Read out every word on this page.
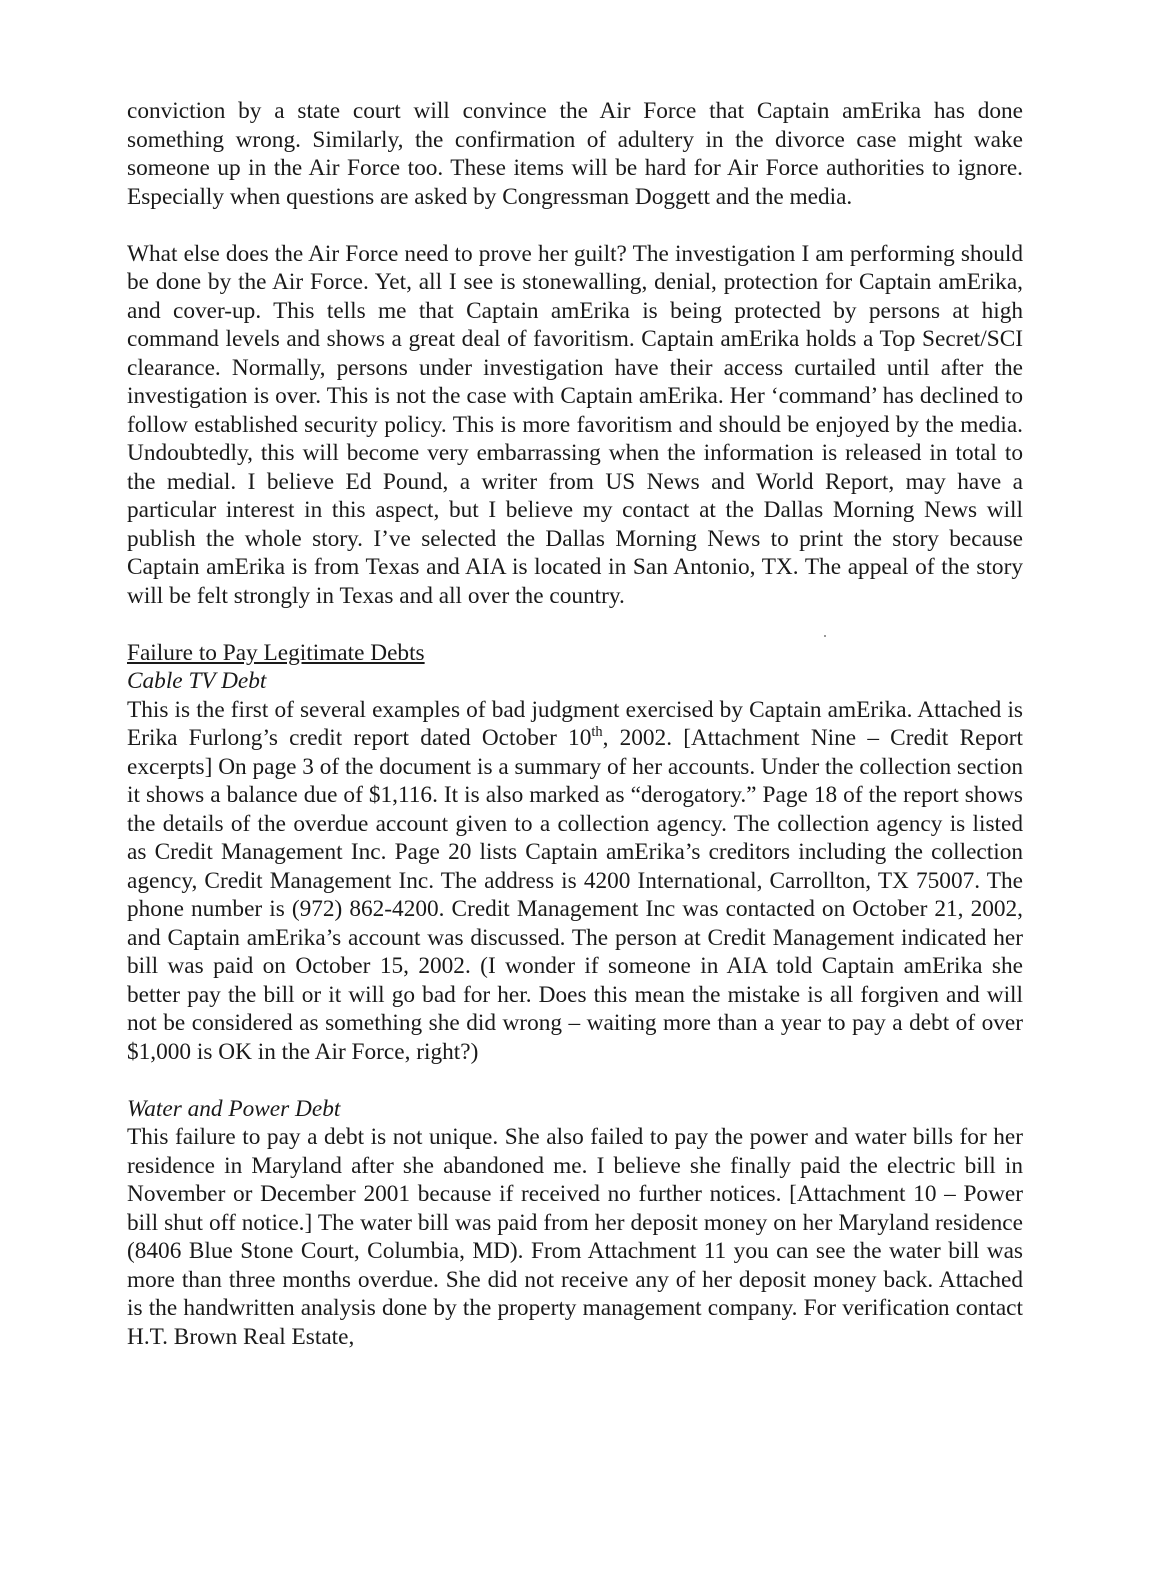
conviction by a state court will convince the Air Force that Captain amErika has done something wrong. Similarly, the confirmation of adultery in the divorce case might wake someone up in the Air Force too. These items will be hard for Air Force authorities to ignore. Especially when questions are asked by Congressman Doggett and the media.

What else does the Air Force need to prove her guilt? The investigation I am performing should be done by the Air Force. Yet, all I see is stonewalling, denial, protection for Captain amErika, and cover-up. This tells me that Captain amErika is being protected by persons at high command levels and shows a great deal of favoritism. Captain amErika holds a Top Secret/SCI clearance. Normally, persons under investigation have their access curtailed until after the investigation is over. This is not the case with Captain amErika. Her ‘command’ has declined to follow established security policy. This is more favoritism and should be enjoyed by the media. Undoubtedly, this will become very embarrassing when the information is released in total to the medial. I believe Ed Pound, a writer from US News and World Report, may have a particular interest in this aspect, but I believe my contact at the Dallas Morning News will publish the whole story. I’ve selected the Dallas Morning News to print the story because Captain amErika is from Texas and AIA is located in San Antonio, TX. The appeal of the story will be felt strongly in Texas and all over the country.

Failure to Pay Legitimate Debts

Cable TV Debt

This is the first of several examples of bad judgment exercised by Captain amErika. Attached is Erika Furlong’s credit report dated October 10th, 2002. [Attachment Nine – Credit Report excerpts] On page 3 of the document is a summary of her accounts. Under the collection section it shows a balance due of $1,116. It is also marked as “derogatory.” Page 18 of the report shows the details of the overdue account given to a collection agency. The collection agency is listed as Credit Management Inc. Page 20 lists Captain amErika’s creditors including the collection agency, Credit Management Inc. The address is 4200 International, Carrollton, TX 75007. The phone number is (972) 862-4200. Credit Management Inc was contacted on October 21, 2002, and Captain amErika’s account was discussed. The person at Credit Management indicated her bill was paid on October 15, 2002. (I wonder if someone in AIA told Captain amErika she better pay the bill or it will go bad for her. Does this mean the mistake is all forgiven and will not be considered as something she did wrong – waiting more than a year to pay a debt of over $1,000 is OK in the Air Force, right?)

Water and Power Debt

This failure to pay a debt is not unique. She also failed to pay the power and water bills for her residence in Maryland after she abandoned me. I believe she finally paid the electric bill in November or December 2001 because if received no further notices. [Attachment 10 – Power bill shut off notice.] The water bill was paid from her deposit money on her Maryland residence (8406 Blue Stone Court, Columbia, MD). From Attachment 11 you can see the water bill was more than three months overdue. She did not receive any of her deposit money back. Attached is the handwritten analysis done by the property management company. For verification contact H.T. Brown Real Estate,
